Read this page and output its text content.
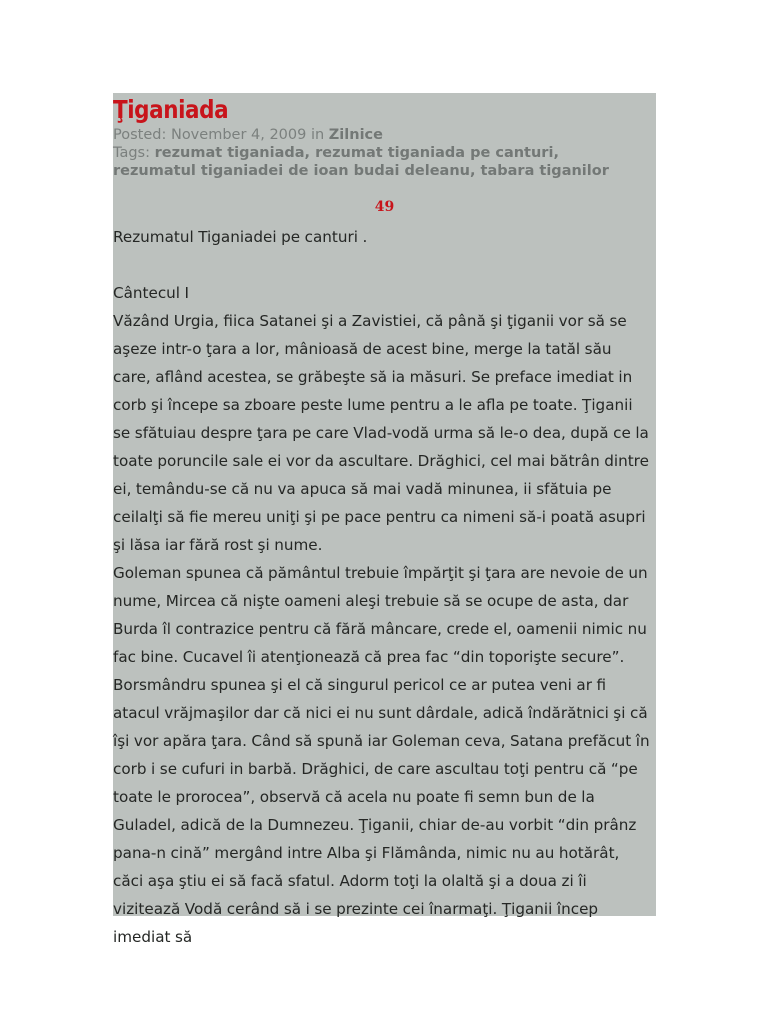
Ţiganiada
Posted: November 4, 2009 in Zilnice
Tags: rezumat tiganiada, rezumat tiganiada pe canturi, rezumatul tiganiadei de ioan budai deleanu, tabara tiganilor
49

Rezumatul Tiganiadei pe canturi .

Cântecul I

Văzând Urgia, fiica Satanei şi a Zavistiei, că până şi ţiganii vor să se aşeze intr-o ţara a lor, mânioasă de acest bine, merge la tatăl său care, aflând acestea, se grăbeşte să ia măsuri. Se preface imediat in corb şi începe sa zboare peste lume pentru a le afla pe toate. Ţiganii se sfătuiau despre ţara pe care Vlad-vodă urma să le-o dea, după ce la toate poruncile sale ei vor da ascultare. Drăghici, cel mai bătrân dintre ei, temându-se că nu va apuca să mai vadă minunea, ii sfătuia pe ceilalţi să fie mereu uniţi şi pe pace pentru ca nimeni să-i poată asupri şi lăsa iar fără rost şi nume.

Goleman spunea că pământul trebuie împărţit şi ţara are nevoie de un nume, Mircea că nişte oameni aleşi trebuie să se ocupe de asta, dar Burda îl contrazice pentru că fără mâncare, crede el, oamenii nimic nu fac bine. Cucavel îi atenţionează că prea fac “din toporişte secure”. Borsmândru spunea şi el că singurul pericol ce ar putea veni ar fi atacul vrăjmaşilor dar că nici ei nu sunt dârdale, adică îndărătnici şi că îşi vor apăra ţara. Când să spună iar Goleman ceva, Satana prefăcut în corb i se cufuri in barbă. Drăghici, de care ascultau toţi pentru că “pe toate le prorocea”, observă că acela nu poate fi semn bun de la Guladel, adică de la Dumnezeu. Ţiganii, chiar de-au vorbit “din prânz pana-n cină” mergând intre Alba şi Flămânda, nimic nu au hotărât, căci aşa ştiu ei să facă sfatul. Adorm toţi la olaltă şi a doua zi îi vizitează Vodă cerând să i se prezinte cei înarmaţi. Ţiganii încep imediat să
